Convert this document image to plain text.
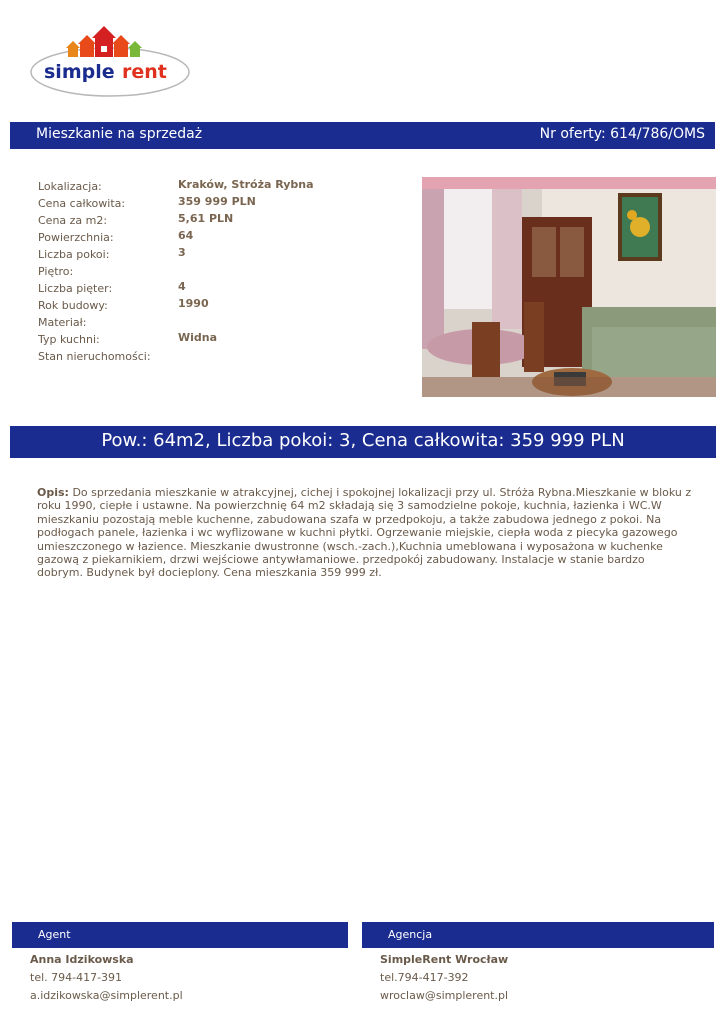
simple rent
Mieszkanie na sprzedaż	Nr oferty: 614/786/OMS
Lokalizacja:	Kraków, Stróża Rybna
Cena całkowita:	359 999 PLN
Cena za m2:	5,61 PLN
Powierzchnia:	64
Liczba pokoi:	3
Piętro:
Liczba pięter:	4
Rok budowy:	1990
Materiał:
Typ kuchni:	Widna
Stan nieruchomości:
Pow.: 64m2, Liczba pokoi: 3, Cena całkowita: 359 999 PLN
Opis: Do sprzedania mieszkanie w atrakcyjnej, cichej i spokojnej lokalizacji przy ul. Stróża Rybna.Mieszkanie w bloku z roku 1990, ciepłe i ustawne. Na powierzchnię 64 m2 składają się 3 samodzielne pokoje, kuchnia, łazienka i WC.W mieszkaniu pozostają meble kuchenne, zabudowana szafa w przedpokoju, a także zabudowa jednego z pokoi. Na podłogach panele, łazienka i wc wyflizowane w kuchni płytki. Ogrzewanie miejskie, ciepła woda z piecyka gazowego umieszczonego w łazience. Mieszkanie dwustronne (wsch.-zach.),Kuchnia umeblowana i wyposażona w kuchenke gazową z piekarnikiem, drzwi wejściowe antywłamaniowe. przedpokój zabudowany. Instalacje w stanie bardzo dobrym. Budynek był docieplony. Cena mieszkania 359 999 zł.
Agent
Anna Idzikowska
tel. 794-417-391
a.idzikowska@simplerent.pl
Agencja
SimpleRent Wrocław
tel.794-417-392
wroclaw@simplerent.pl
